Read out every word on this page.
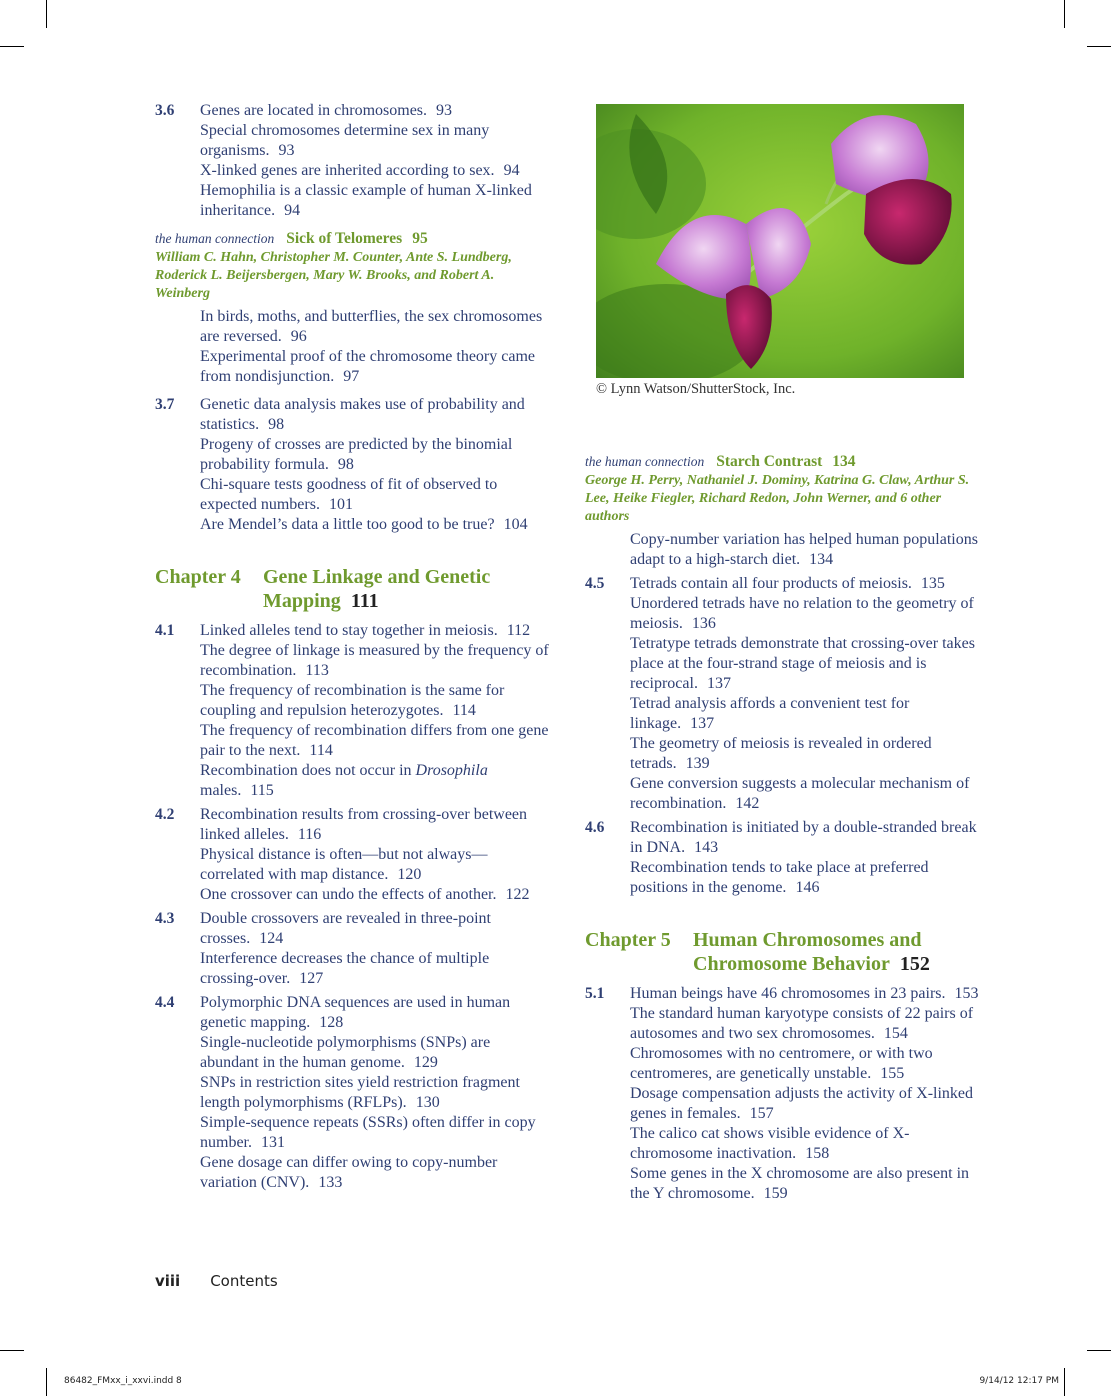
3.6 Genes are located in chromosomes. 93
Special chromosomes determine sex in many organisms. 93
X-linked genes are inherited according to sex. 94
Hemophilia is a classic example of human X-linked inheritance. 94
the human connection Sick of Telomeres 95
William C. Hahn, Christopher M. Counter, Ante S. Lundberg, Roderick L. Beijersbergen, Mary W. Brooks, and Robert A. Weinberg
In birds, moths, and butterflies, the sex chromosomes are reversed. 96
Experimental proof of the chromosome theory came from nondisjunction. 97
3.7 Genetic data analysis makes use of probability and statistics. 98
Progeny of crosses are predicted by the binomial probability formula. 98
Chi-square tests goodness of fit of observed to expected numbers. 101
Are Mendel’s data a little too good to be true? 104
Chapter 4 Gene Linkage and Genetic Mapping 111
4.1 Linked alleles tend to stay together in meiosis. 112
The degree of linkage is measured by the frequency of recombination. 113
The frequency of recombination is the same for coupling and repulsion heterozygotes. 114
The frequency of recombination differs from one gene pair to the next. 114
Recombination does not occur in Drosophila males. 115
4.2 Recombination results from crossing-over between linked alleles. 116
Physical distance is often—but not always—correlated with map distance. 120
One crossover can undo the effects of another. 122
4.3 Double crossovers are revealed in three-point crosses. 124
Interference decreases the chance of multiple crossing-over. 127
4.4 Polymorphic DNA sequences are used in human genetic mapping. 128
Single-nucleotide polymorphisms (SNPs) are abundant in the human genome. 129
SNPs in restriction sites yield restriction fragment length polymorphisms (RFLPs). 130
Simple-sequence repeats (SSRs) often differ in copy number. 131
Gene dosage can differ owing to copy-number variation (CNV). 133
© Lynn Watson/ShutterStock, Inc.
the human connection Starch Contrast 134
George H. Perry, Nathaniel J. Dominy, Katrina G. Claw, Arthur S. Lee, Heike Fiegler, Richard Redon, John Werner, and 6 other authors
Copy-number variation has helped human populations adapt to a high-starch diet. 134
4.5 Tetrads contain all four products of meiosis. 135
Unordered tetrads have no relation to the geometry of meiosis. 136
Tetratype tetrads demonstrate that crossing-over takes place at the four-strand stage of meiosis and is reciprocal. 137
Tetrad analysis affords a convenient test for linkage. 137
The geometry of meiosis is revealed in ordered tetrads. 139
Gene conversion suggests a molecular mechanism of recombination. 142
4.6 Recombination is initiated by a double-stranded break in DNA. 143
Recombination tends to take place at preferred positions in the genome. 146
Chapter 5 Human Chromosomes and Chromosome Behavior 152
5.1 Human beings have 46 chromosomes in 23 pairs. 153
The standard human karyotype consists of 22 pairs of autosomes and two sex chromosomes. 154
Chromosomes with no centromere, or with two centromeres, are genetically unstable. 155
Dosage compensation adjusts the activity of X-linked genes in females. 157
The calico cat shows visible evidence of X-chromosome inactivation. 158
Some genes in the X chromosome are also present in the Y chromosome. 159
viii Contents
86482_FMxx_i_xxvi.indd 8	9/14/12 12:17 PM
